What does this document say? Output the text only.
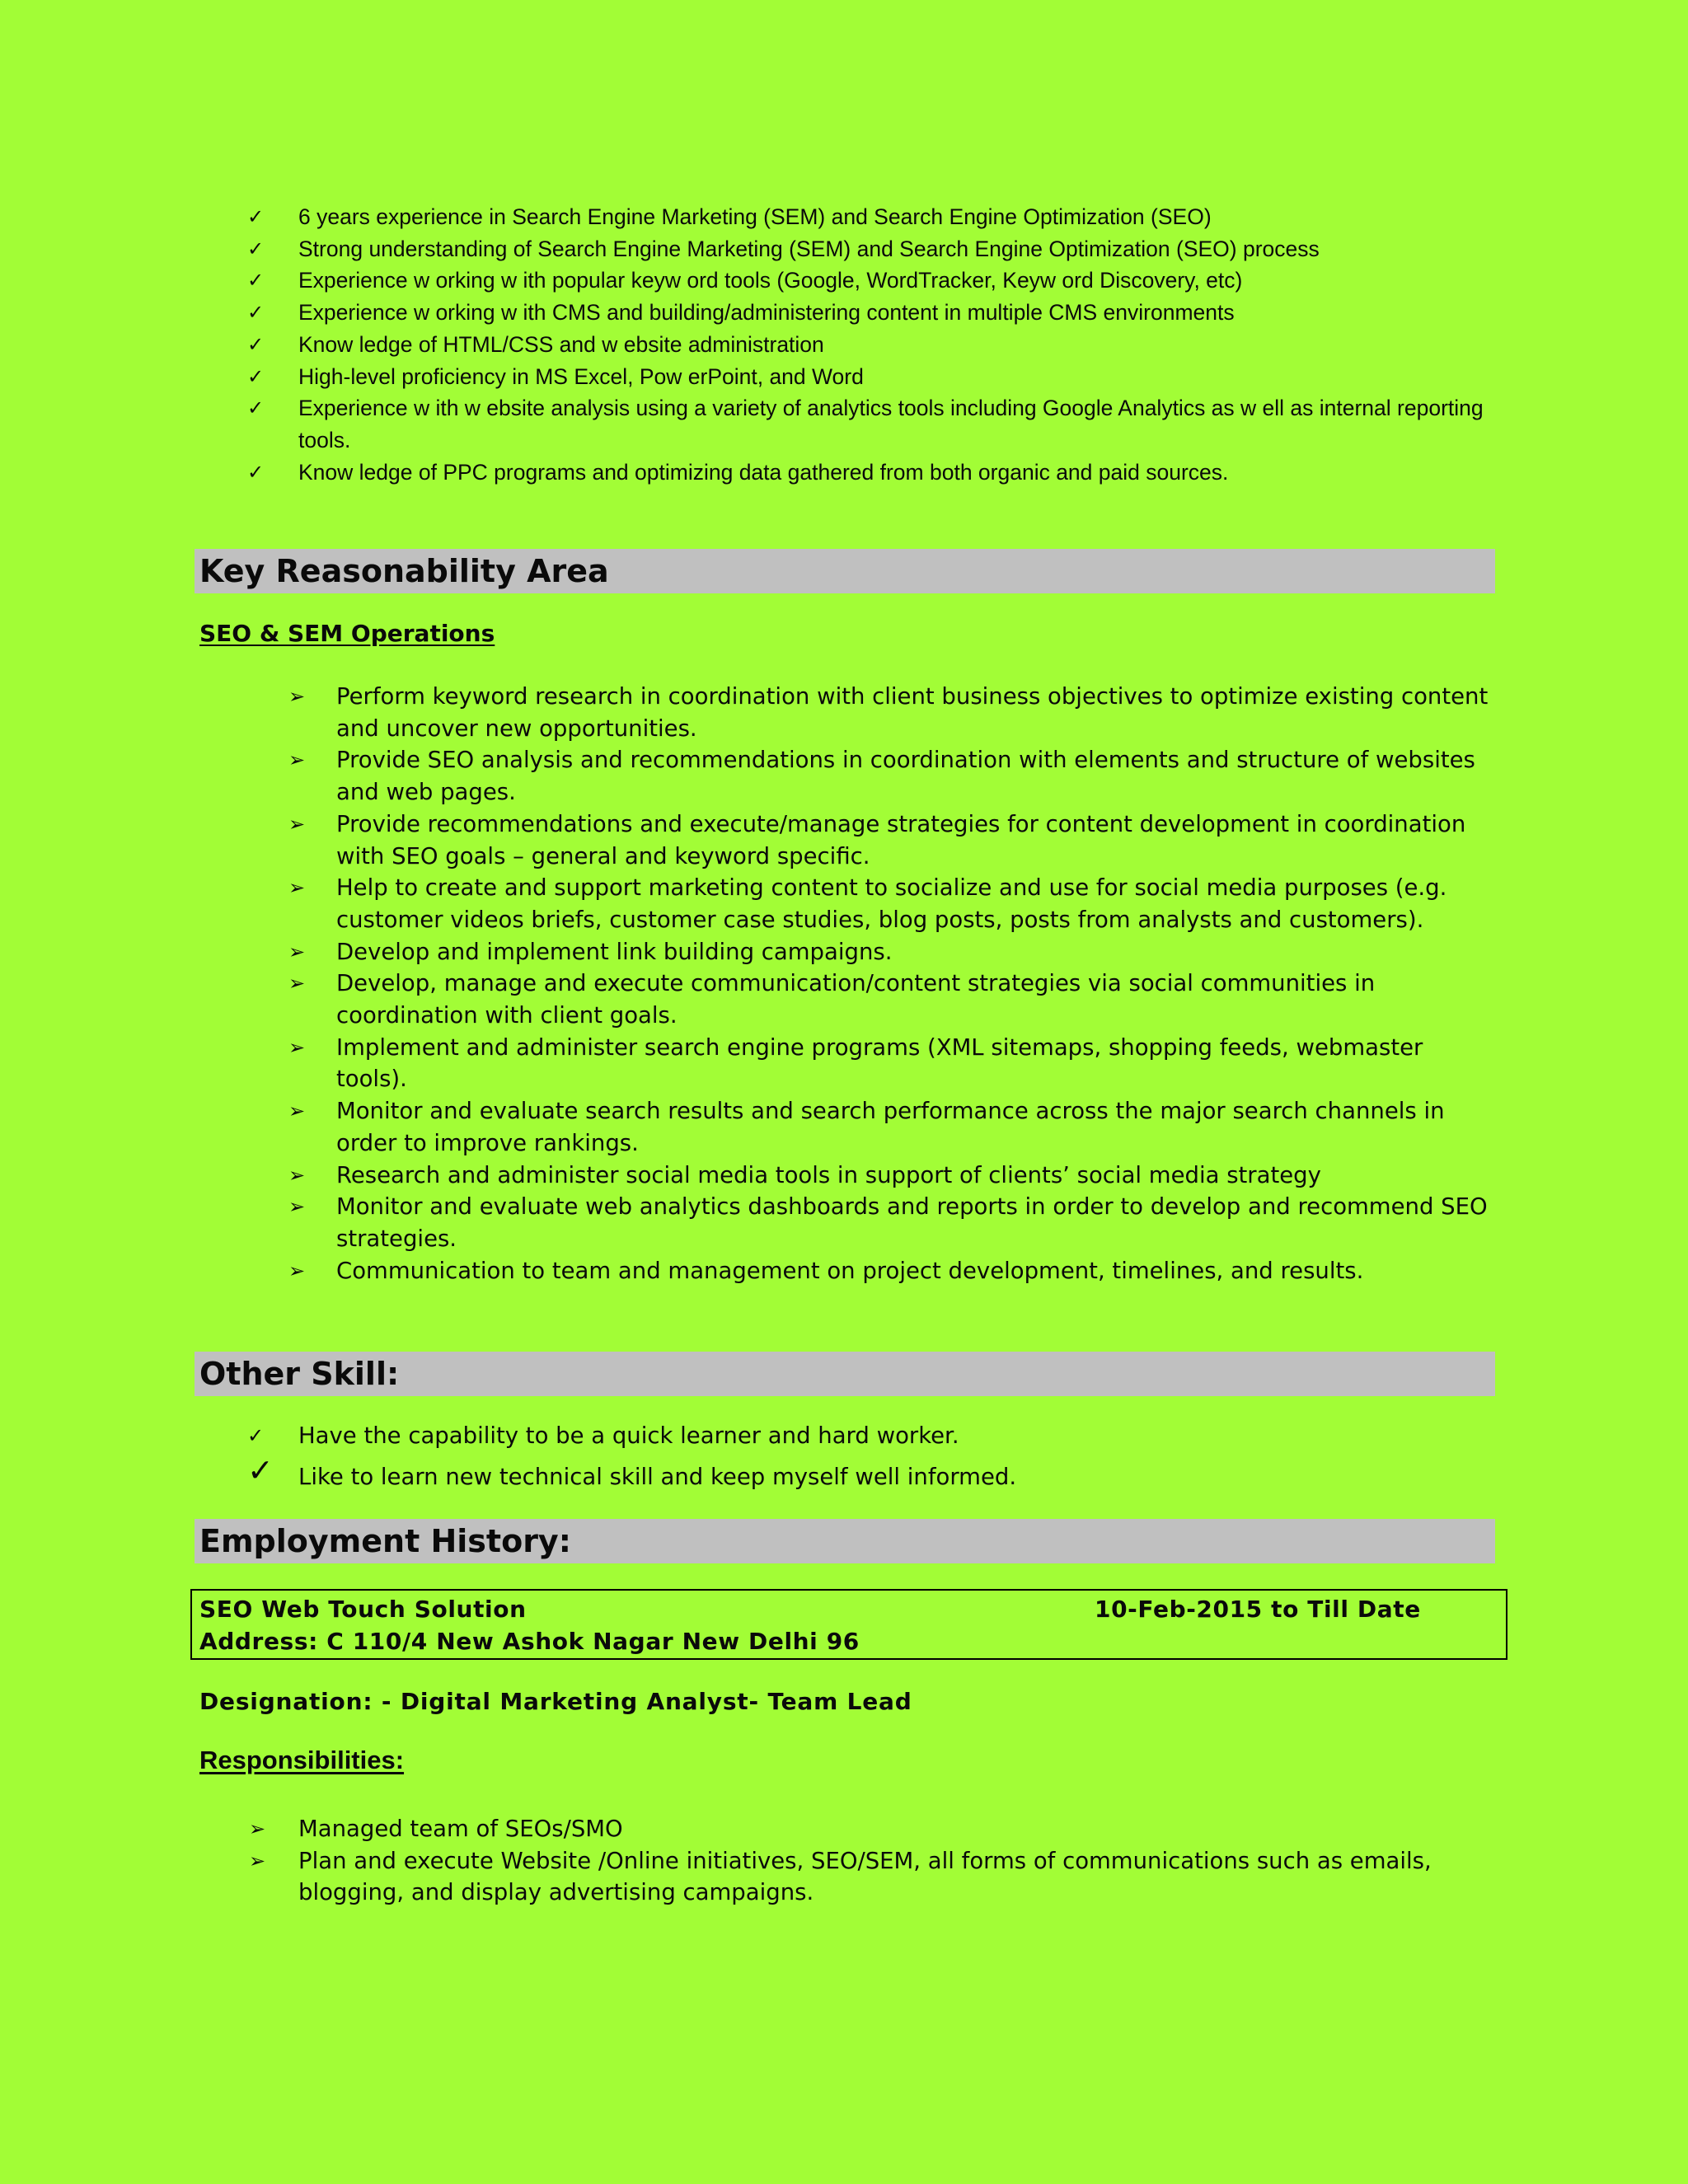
✓ 6 years experience in Search Engine Marketing (SEM) and Search Engine Optimization (SEO)
✓ Strong understanding of Search Engine Marketing (SEM) and Search Engine Optimization (SEO) process
✓ Experience w orking w ith popular keyw ord tools (Google, WordTracker, Keyw ord Discovery, etc)
✓ Experience w orking w ith CMS and building/administering content in multiple CMS environments
✓ Know ledge of HTML/CSS and w ebsite administration
✓ High-level proficiency in MS Excel, Pow erPoint, and Word
✓ Experience w ith w ebsite analysis using a variety of analytics tools including Google Analytics as w ell as internal reporting tools.
✓ Know ledge of PPC programs and optimizing data gathered from both organic and paid sources.
Key Reasonability Area
SEO & SEM Operations
➢ Perform keyword research in coordination with client business objectives to optimize existing content and uncover new opportunities.
➢ Provide SEO analysis and recommendations in coordination with elements and structure of websites and web pages.
➢ Provide recommendations and execute/manage strategies for content development in coordination with SEO goals – general and keyword specific.
➢ Help to create and support marketing content to socialize and use for social media purposes (e.g. customer videos briefs, customer case studies, blog posts, posts from analysts and customers).
➢ Develop and implement link building campaigns.
➢ Develop, manage and execute communication/content strategies via social communities in coordination with client goals.
➢ Implement and administer search engine programs (XML sitemaps, shopping feeds, webmaster tools).
➢ Monitor and evaluate search results and search performance across the major search channels in order to improve rankings.
➢ Research and administer social media tools in support of clients’ social media strategy
➢ Monitor and evaluate web analytics dashboards and reports in order to develop and recommend SEO strategies.
➢ Communication to team and management on project development, timelines, and results.
Other Skill:
✓ Have the capability to be a quick learner and hard worker.
✓ Like to learn new technical skill and keep myself well informed.
Employment History:
SEO Web Touch Solution	10-Feb-2015 to Till Date
Address: C 110/4 New Ashok Nagar New Delhi 96
Designation: - Digital Marketing Analyst- Team Lead
Responsibilities:
➢ Managed team of SEOs/SMO
➢ Plan and execute Website /Online initiatives, SEO/SEM, all forms of communications such as emails, blogging, and display advertising campaigns.
